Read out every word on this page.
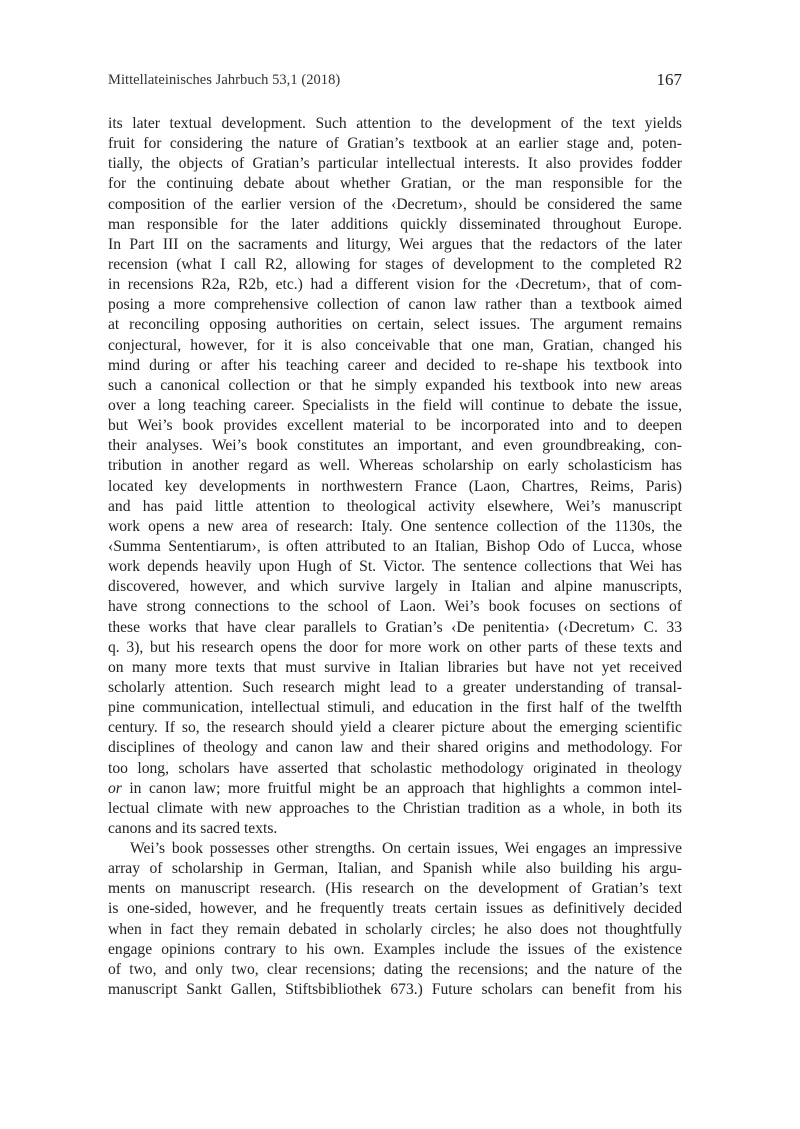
Mittellateinisches Jahrbuch 53,1 (2018)	167
its later textual development. Such attention to the development of the text yields
fruit for considering the nature of Gratian’s textbook at an earlier stage and, poten-
tially, the objects of Gratian’s particular intellectual interests. It also provides fodder
for the continuing debate about whether Gratian, or the man responsible for the
composition of the earlier version of the ‹Decretum›, should be considered the same
man responsible for the later additions quickly disseminated throughout Europe.
In Part III on the sacraments and liturgy, Wei argues that the redactors of the later
recension (what I call R2, allowing for stages of development to the completed R2
in recensions R2a, R2b, etc.) had a different vision for the ‹Decretum›, that of com-
posing a more comprehensive collection of canon law rather than a textbook aimed
at reconciling opposing authorities on certain, select issues. The argument remains
conjectural, however, for it is also conceivable that one man, Gratian, changed his
mind during or after his teaching career and decided to re-shape his textbook into
such a canonical collection or that he simply expanded his textbook into new areas
over a long teaching career. Specialists in the field will continue to debate the issue,
but Wei’s book provides excellent material to be incorporated into and to deepen
their analyses. Wei’s book constitutes an important, and even groundbreaking, con-
tribution in another regard as well. Whereas scholarship on early scholasticism has
located key developments in northwestern France (Laon, Chartres, Reims, Paris)
and has paid little attention to theological activity elsewhere, Wei’s manuscript
work opens a new area of research: Italy. One sentence collection of the 1130s, the
‹Summa Sententiarum›, is often attributed to an Italian, Bishop Odo of Lucca, whose
work depends heavily upon Hugh of St. Victor. The sentence collections that Wei has
discovered, however, and which survive largely in Italian and alpine manuscripts,
have strong connections to the school of Laon. Wei’s book focuses on sections of
these works that have clear parallels to Gratian’s ‹De penitentia› (‹Decretum› C. 33
q. 3), but his research opens the door for more work on other parts of these texts and
on many more texts that must survive in Italian libraries but have not yet received
scholarly attention. Such research might lead to a greater understanding of transal-
pine communication, intellectual stimuli, and education in the first half of the twelfth
century. If so, the research should yield a clearer picture about the emerging scientific
disciplines of theology and canon law and their shared origins and methodology. For
too long, scholars have asserted that scholastic methodology originated in theology
or in canon law; more fruitful might be an approach that highlights a common intel-
lectual climate with new approaches to the Christian tradition as a whole, in both its
canons and its sacred texts.
Wei’s book possesses other strengths. On certain issues, Wei engages an impressive
array of scholarship in German, Italian, and Spanish while also building his argu-
ments on manuscript research. (His research on the development of Gratian’s text
is one-sided, however, and he frequently treats certain issues as definitively decided
when in fact they remain debated in scholarly circles; he also does not thoughtfully
engage opinions contrary to his own. Examples include the issues of the existence
of two, and only two, clear recensions; dating the recensions; and the nature of the
manuscript Sankt Gallen, Stiftsbibliothek 673.) Future scholars can benefit from his
